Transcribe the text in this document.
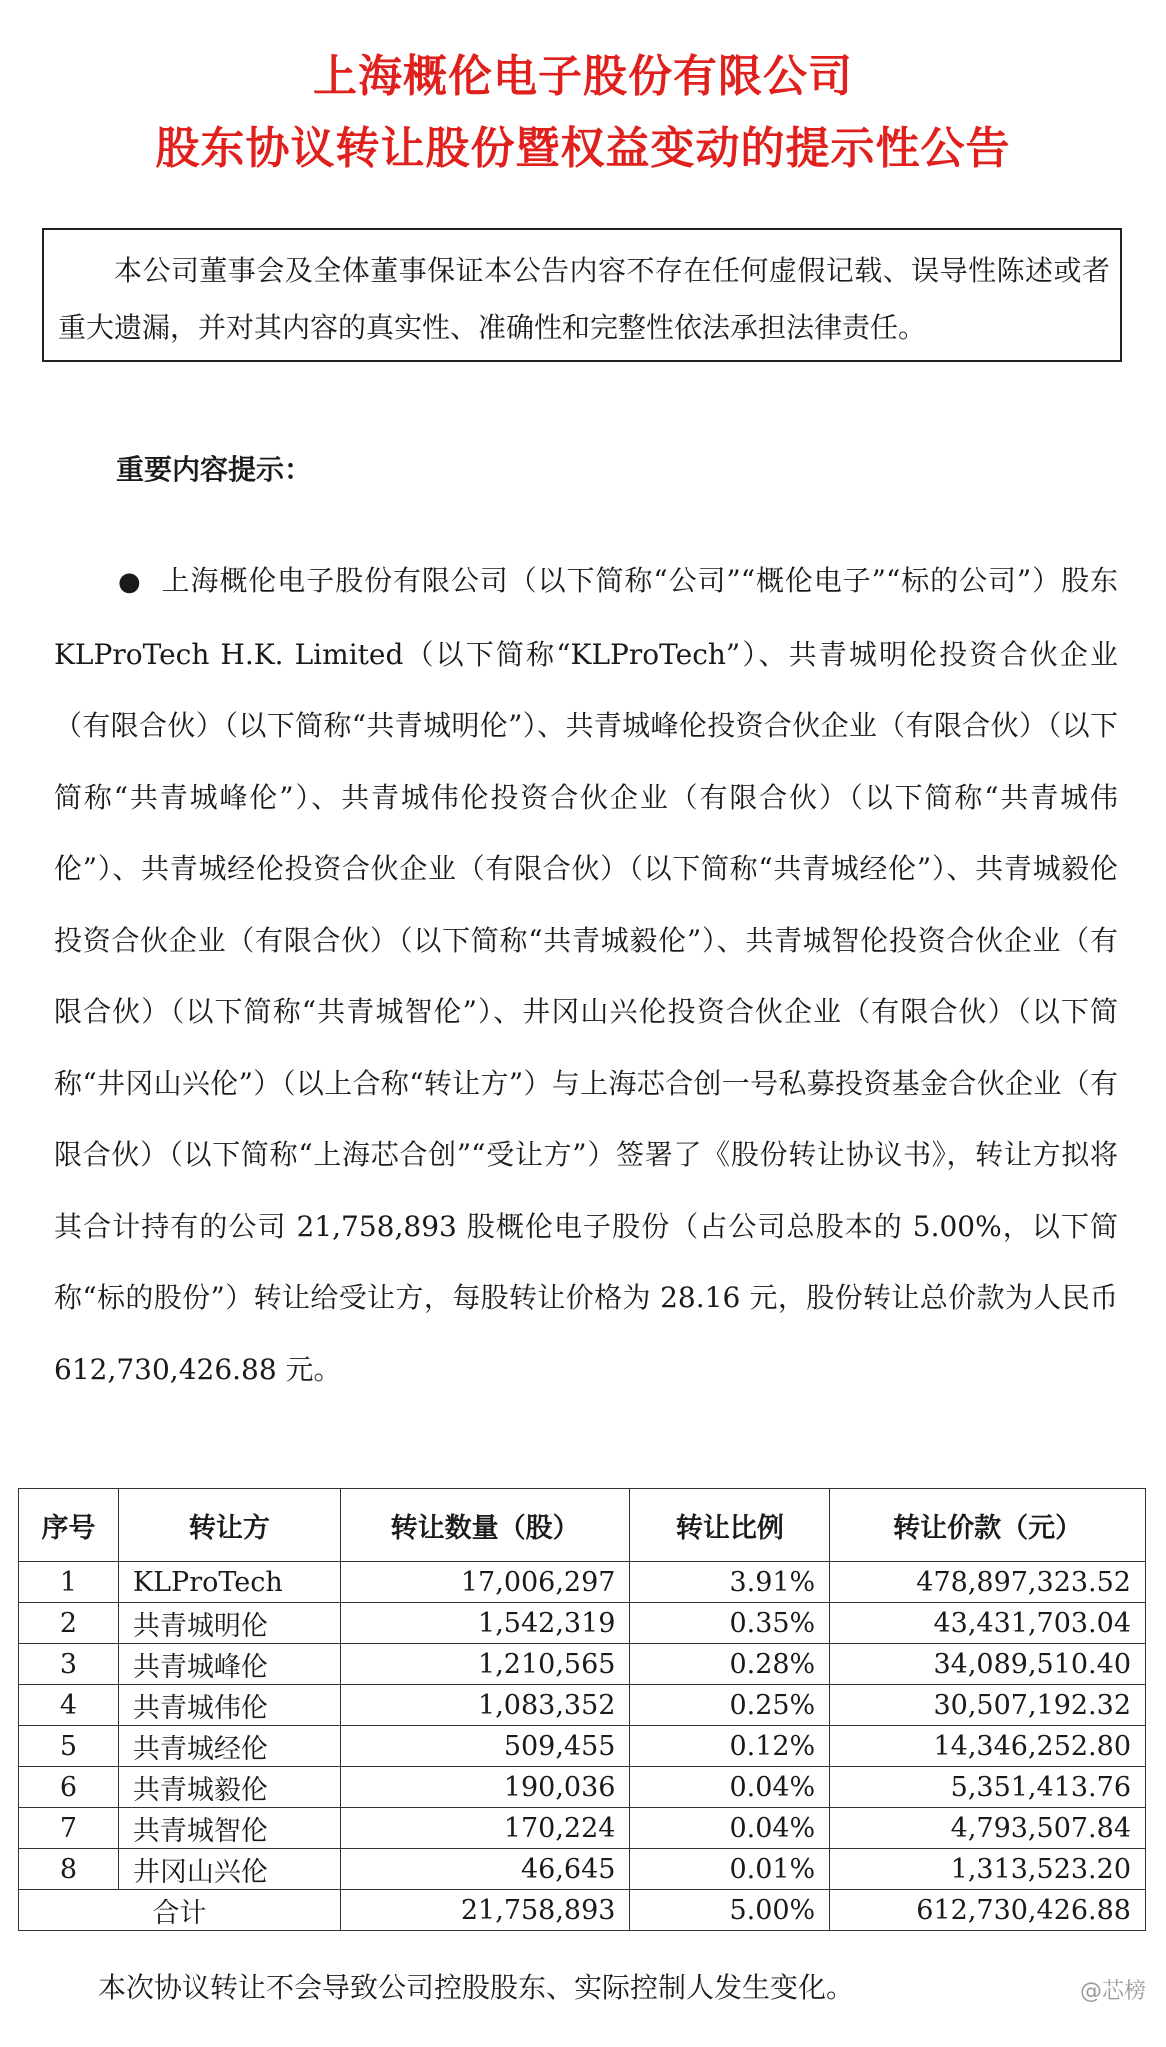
上海概伦电子股份有限公司
股东协议转让股份暨权益变动的提示性公告

本公司董事会及全体董事保证本公告内容不存在任何虚假记载、误导性陈述或者重大遗漏，并对其内容的真实性、准确性和完整性依法承担法律责任。

重要内容提示：

● 上海概伦电子股份有限公司（以下简称“公司”“概伦电子”“标的公司”）股东 KLProTech H.K. Limited（以下简称“KLProTech”）、共青城明伦投资合伙企业（有限合伙）（以下简称“共青城明伦”）、共青城峰伦投资合伙企业（有限合伙）（以下简称“共青城峰伦”）、共青城伟伦投资合伙企业（有限合伙）（以下简称“共青城伟伦”）、共青城经伦投资合伙企业（有限合伙）（以下简称“共青城经伦”）、共青城毅伦投资合伙企业（有限合伙）（以下简称“共青城毅伦”）、共青城智伦投资合伙企业（有限合伙）（以下简称“共青城智伦”）、井冈山兴伦投资合伙企业（有限合伙）（以下简称“井冈山兴伦”）（以上合称“转让方”）与上海芯合创一号私募投资基金合伙企业（有限合伙）（以下简称“上海芯合创”“受让方”）签署了《股份转让协议书》，转让方拟将其合计持有的公司 21,758,893 股概伦电子股份（占公司总股本的 5.00%，以下简称“标的股份”）转让给受让方，每股转让价格为 28.16 元，股份转让总价款为人民币 612,730,426.88 元。

序号	转让方	转让数量（股）	转让比例	转让价款（元）
1	KLProTech	17,006,297	3.91%	478,897,323.52
2	共青城明伦	1,542,319	0.35%	43,431,703.04
3	共青城峰伦	1,210,565	0.28%	34,089,510.40
4	共青城伟伦	1,083,352	0.25%	30,507,192.32
5	共青城经伦	509,455	0.12%	14,346,252.80
6	共青城毅伦	190,036	0.04%	5,351,413.76
7	共青城智伦	170,224	0.04%	4,793,507.84
8	井冈山兴伦	46,645	0.01%	1,313,523.20
合计		21,758,893	5.00%	612,730,426.88
本次协议转让不会导致公司控股股东、实际控制人发生变化。	@芯榜
